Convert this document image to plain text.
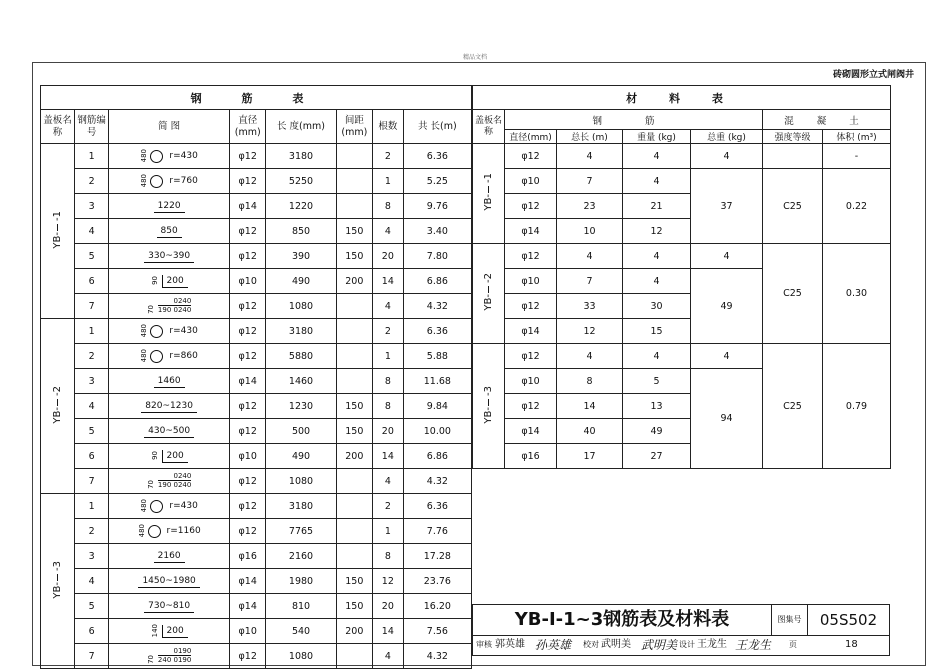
精品文档
砖砌圆形立式闸阀井
钢 筋 表							
盖板名称	钢筋编号	简 图	直径(mm)	长 度(mm)	间距(mm)	根数	共 长(m)
YB-Ⅰ-1	1	480 r=430	φ12	3180		2	6.36
	2	480 r=760	φ12	5250		1	5.25
	3	1220	φ14	1220		8	9.76
	4	850	φ12	850	150	4	3.40
	5	330~390	φ12	390	150	20	7.80
	6	90 200	φ10	490	200	14	6.86
	7	$70 \frac{0240}{190 0240}$	φ12	1080		4	4.32
YB-Ⅰ-2	1	480 r=430	φ12	3180		2	6.36
	2	480 r=860	φ12	5880		1	5.88
	3	1460	φ14	1460		8	11.68
	4	820~1230	φ12	1230	150	8	9.84
	5	430~500	φ12	500	150	20	10.00
	6	90 200	φ10	490	200	14	6.86
	7	$70 \frac{0240}{190 0240}$	φ12	1080		4	4.32
YB-Ⅰ-3	1	480 r=430	φ12	3180		2	6.36
	2	480 r=1160	φ12	7765		1	7.76
	3	2160	φ16	2160		8	17.28
	4	1450~1980	φ14	1980	150	12	23.76
	5	730~810	φ14	810	150	20	16.20
	6	140 200	φ10	540	200	14	7.56
	7	$70 \frac{0190}{240 0190}$	φ12	1080		4	4.32
材 料 表						
盖板名称	钢 筋				混 凝 土	
	直径(mm)	总长 (m)	重量 (kg)	总重 (kg)	强度等级	体积 (m³)
YB-Ⅰ-1	φ12	4	4	4		-
	φ10	7	4	37	C25	0.22
	φ12	23	21			
	φ14	10	12			
YB-Ⅰ-2	φ12	4	4	4	C25	0.30
	φ10	7	4	49		
	φ12	33	30			
	φ14	12	15			
YB-Ⅰ-3	φ12	4	4	4	C25	0.79
	φ10	8	5	94		
	φ12	14	13			
	φ14	40	49			
	φ16	17	27			
YB-Ⅰ-1~3钢筋表及材料表	图集号	05S502
审核 郭英雄 孙英雄 校对 武明美 武明美 设计 王龙生 王龙生 页	18
